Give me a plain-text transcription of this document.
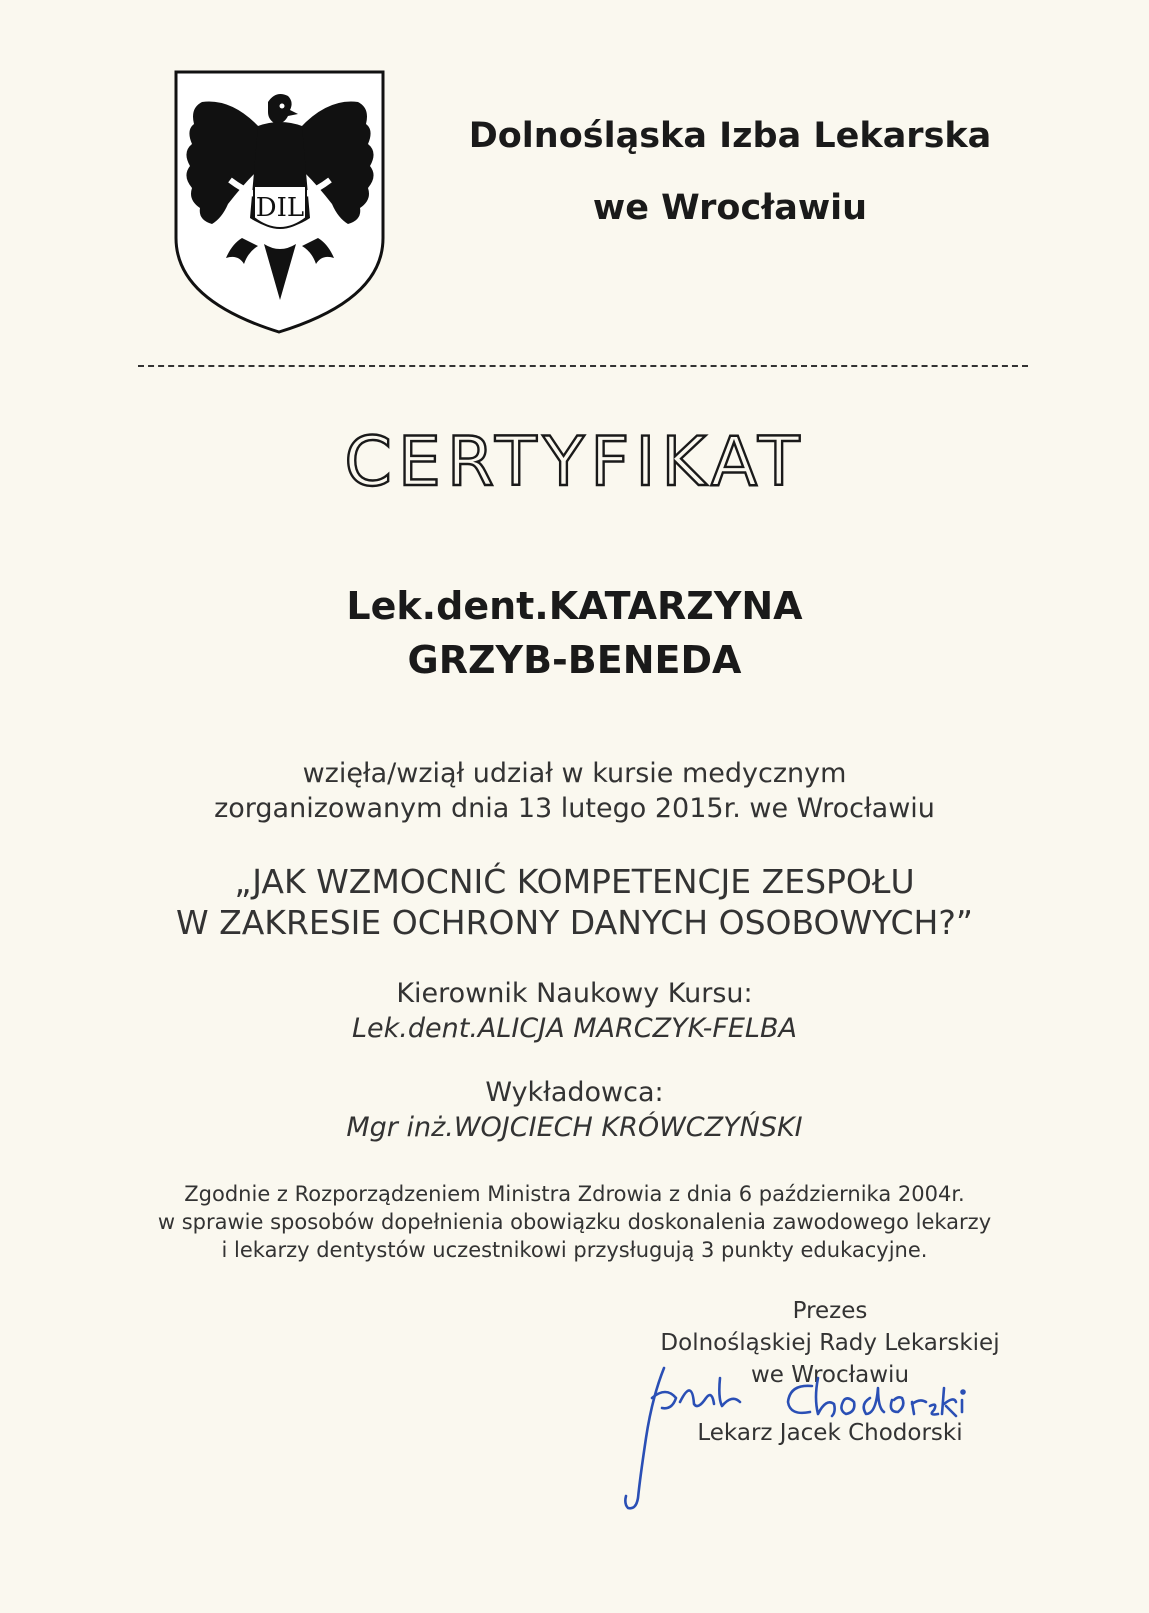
DIL
Dolnośląska Izba Lekarska
we Wrocławiu
CERTYFIKAT
Lek.dent.KATARZYNA
GRZYB-BENEDA
wzięła/wziął udział w kursie medycznym
zorganizowanym dnia 13 lutego 2015r. we Wrocławiu
„JAK WZMOCNIĆ KOMPETENCJE ZESPOŁU
W ZAKRESIE OCHRONY DANYCH OSOBOWYCH?”
Kierownik Naukowy Kursu:
Lek.dent.ALICJA MARCZYK-FELBA
Wykładowca:
Mgr inż.WOJCIECH KRÓWCZYŃSKI
Zgodnie z Rozporządzeniem Ministra Zdrowia z dnia 6 października 2004r.
w sprawie sposobów dopełnienia obowiązku doskonalenia zawodowego lekarzy
i lekarzy dentystów uczestnikowi przysługują 3 punkty edukacyjne.
Prezes
Dolnośląskiej Rady Lekarskiej
we Wrocławiu
Lekarz Jacek Chodorski
